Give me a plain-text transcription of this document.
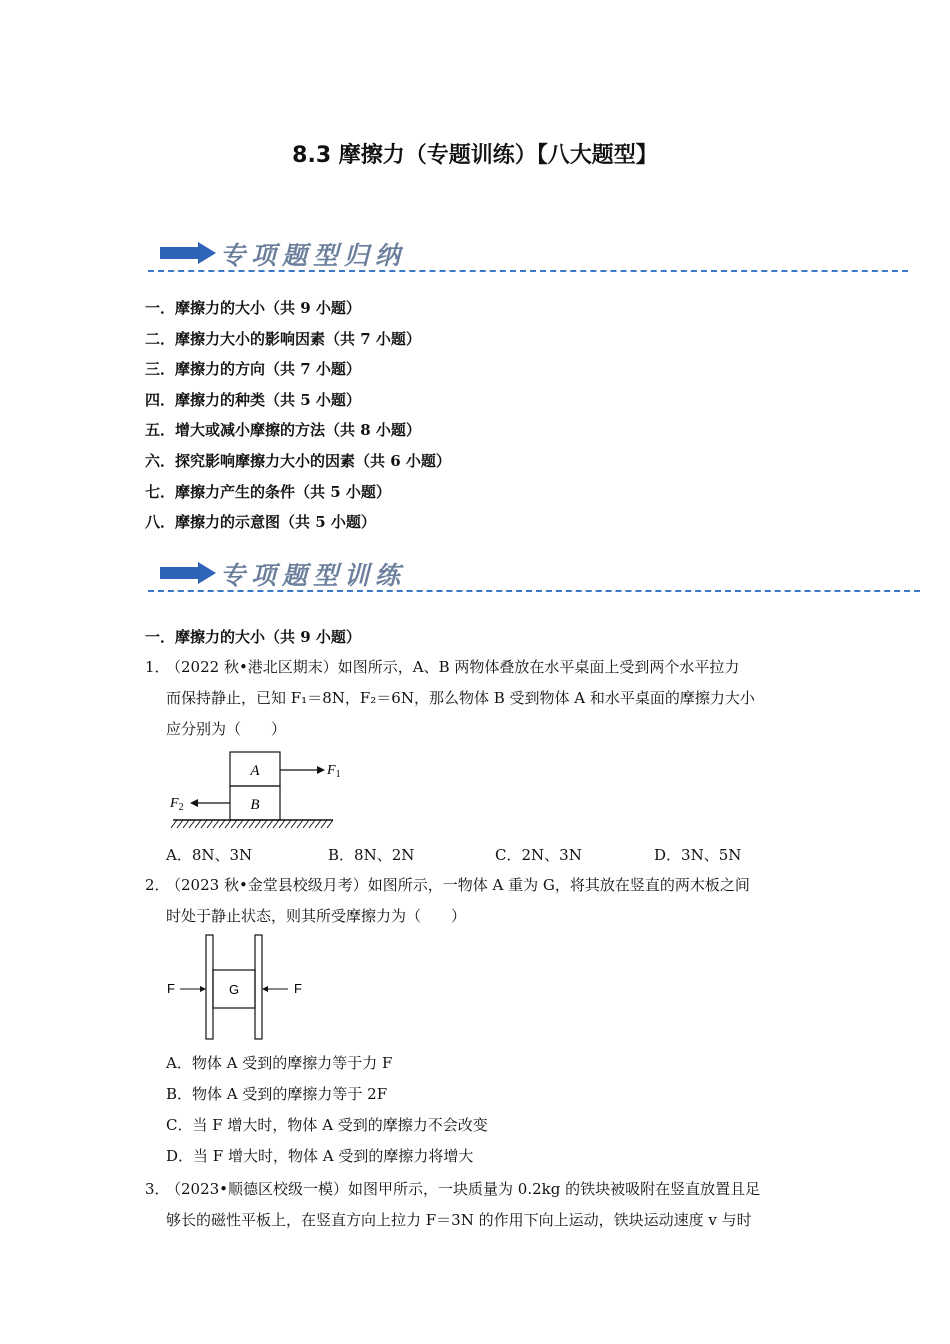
8.3 摩擦力（专题训练）【八大题型】
专项题型归纳
一．摩擦力的大小（共 9 小题）
二．摩擦力大小的影响因素（共 7 小题）
三．摩擦力的方向（共 7 小题）
四．摩擦力的种类（共 5 小题）
五．增大或减小摩擦的方法（共 8 小题）
六．探究影响摩擦力大小的因素（共 6 小题）
七．摩擦力产生的条件（共 5 小题）
八．摩擦力的示意图（共 5 小题）
专项题型训练
一．摩擦力的大小（共 9 小题）
1．
（2022 秋•港北区期末）如图所示，A、B 两物体叠放在水平桌面上受到两个水平拉力
而保持静止，已知 F₁＝8N，F₂＝6N，那么物体 B 受到物体 A 和水平桌面的摩擦力大小
应分别为（　　）
A
B
$F_1$
$F_2$
A．8N、3N	B．8N、2N	C．2N、3N	D．3N、5N
2．
（2023 秋•金堂县校级月考）如图所示，一物体 A 重为 G，将其放在竖直的两木板之间
时处于静止状态，则其所受摩擦力为（　　）
G
F	F
A．物体 A 受到的摩擦力等于力 F
B．物体 A 受到的摩擦力等于 2F
C．当 F 增大时，物体 A 受到的摩擦力不会改变
D．当 F 增大时，物体 A 受到的摩擦力将增大
3．
（2023•顺德区校级一模）如图甲所示，一块质量为 0.2kg 的铁块被吸附在竖直放置且足
够长的磁性平板上，在竖直方向上拉力 F＝3N 的作用下向上运动，铁块运动速度 v 与时
